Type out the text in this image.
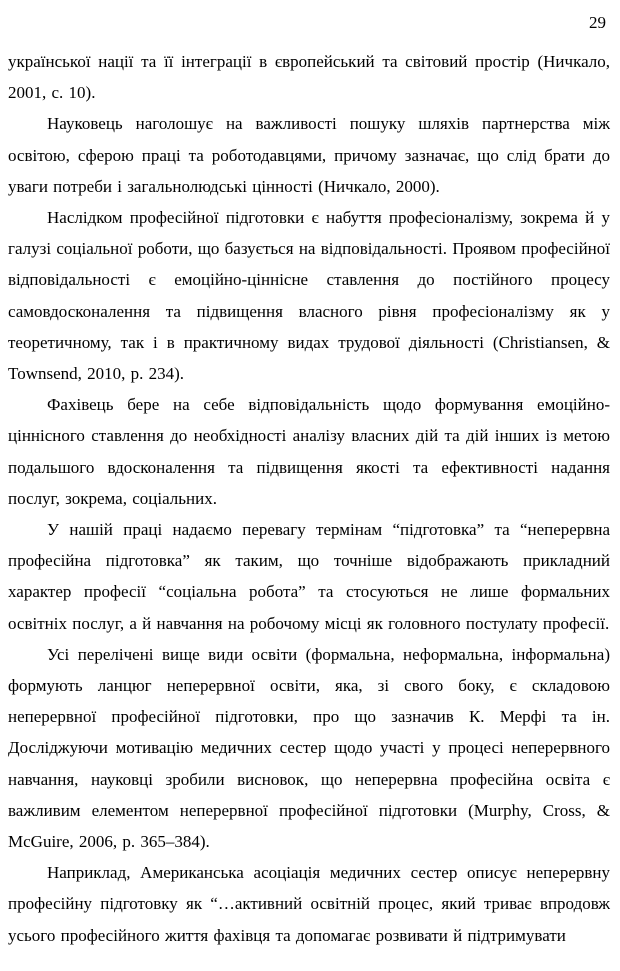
29

української нації та її інтеграції в європейський та світовий простір (Ничкало, 2001, с. 10).

Науковець наголошує на важливості пошуку шляхів партнерства між освітою, сферою праці та роботодавцями, причому зазначає, що слід брати до уваги потреби і загальнолюдські цінності (Ничкало, 2000).

Наслідком професійної підготовки є набуття професіоналізму, зокрема й у галузі соціальної роботи, що базується на відповідальності. Проявом професійної відповідальності є емоційно-ціннісне ставлення до постійного процесу самовдосконалення та підвищення власного рівня професіоналізму як у теоретичному, так і в практичному видах трудової діяльності (Christiansen, & Townsend, 2010, p. 234).

Фахівець бере на себе відповідальність щодо формування емоційно-ціннісного ставлення до необхідності аналізу власних дій та дій інших із метою подальшого вдосконалення та підвищення якості та ефективності надання послуг, зокрема, соціальних.

У нашій праці надаємо перевагу термінам “підготовка” та “неперервна професійна підготовка” як таким, що точніше відображають прикладний характер професії “соціальна робота” та стосуються не лише формальних освітніх послуг, а й навчання на робочому місці як головного постулату професії.

Усі перелічені вище види освіти (формальна, неформальна, інформальна) формують ланцюг неперервної освіти, яка, зі свого боку, є складовою неперервної професійної підготовки, про що зазначив К. Мерфі та ін. Досліджуючи мотивацію медичних сестер щодо участі у процесі неперервного навчання, науковці зробили висновок, що неперервна професійна освіта є важливим елементом неперервної професійної підготовки (Murphy, Cross, & McGuire, 2006, p. 365–384).

Наприклад, Американська асоціація медичних сестер описує неперервну професійну підготовку як “…активний освітній процес, який триває впродовж усього професійного життя фахівця та допомагає розвивати й підтримувати
